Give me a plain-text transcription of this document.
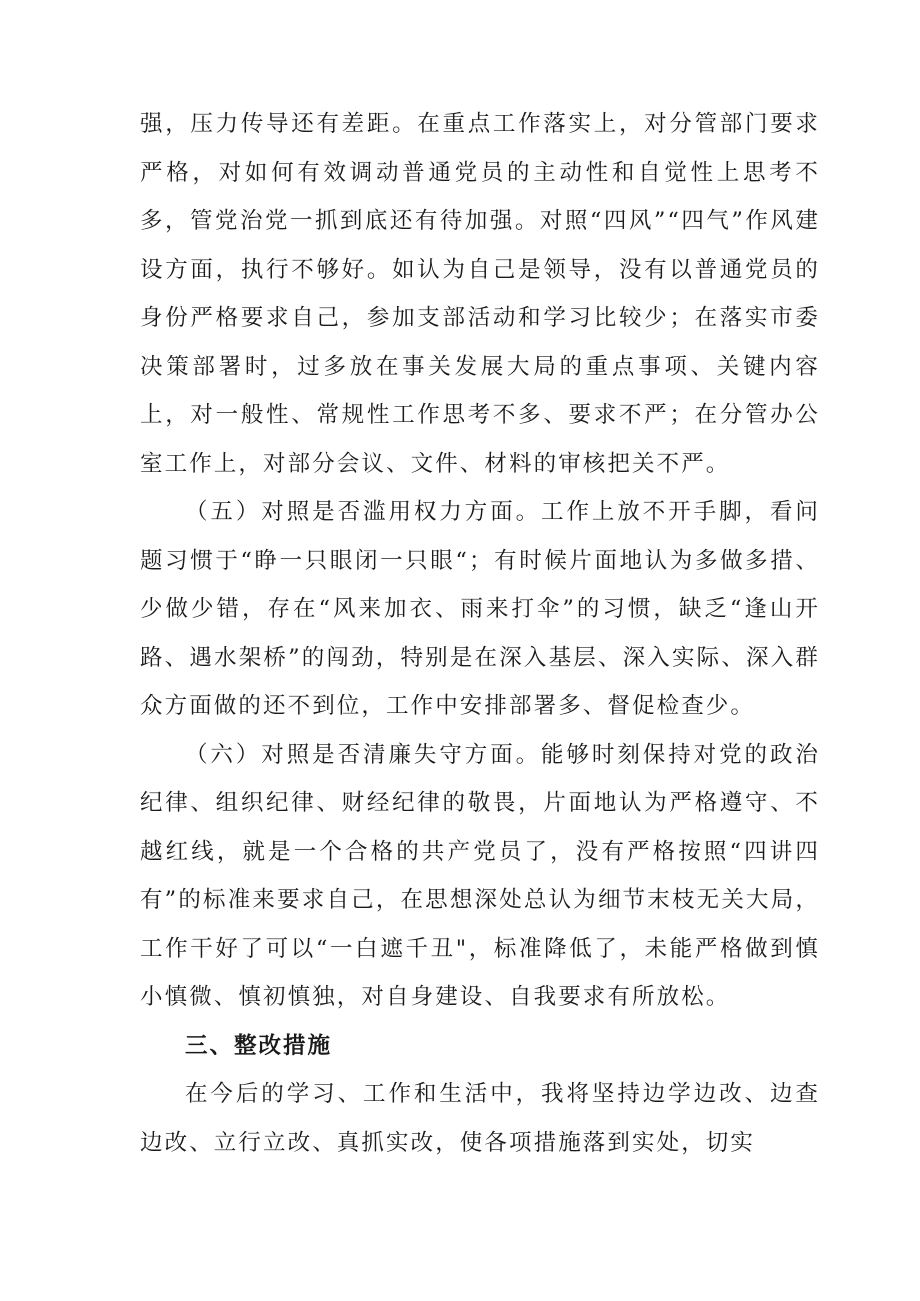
强，压力传导还有差距。在重点工作落实上，对分管部门要求严格，对如何有效调动普通党员的主动性和自觉性上思考不多，管党治党一抓到底还有待加强。对照“四风”“四气”作风建设方面，执行不够好。如认为自己是领导，没有以普通党员的身份严格要求自己，参加支部活动和学习比较少；在落实市委决策部署时，过多放在事关发展大局的重点事项、关键内容上，对一般性、常规性工作思考不多、要求不严；在分管办公室工作上，对部分会议、文件、材料的审核把关不严。

（五）对照是否滥用权力方面。工作上放不开手脚，看问题习惯于“睁一只眼闭一只眼“；有时候片面地认为多做多措、少做少错，存在“风来加衣、雨来打伞”的习惯，缺乏“逢山开路、遇水架桥”的闯劲，特别是在深入基层、深入实际、深入群众方面做的还不到位，工作中安排部署多、督促检查少。

（六）对照是否清廉失守方面。能够时刻保持对党的政治纪律、组织纪律、财经纪律的敬畏，片面地认为严格遵守、不越红线，就是一个合格的共产党员了，没有严格按照“四讲四有”的标准来要求自己，在思想深处总认为细节末枝无关大局，工作干好了可以“一白遮千丑"，标准降低了，未能严格做到慎小慎微、慎初慎独，对自身建设、自我要求有所放松。

三、整改措施

在今后的学习、工作和生活中，我将坚持边学边改、边查边改、立行立改、真抓实改，使各项措施落到实处，切实
